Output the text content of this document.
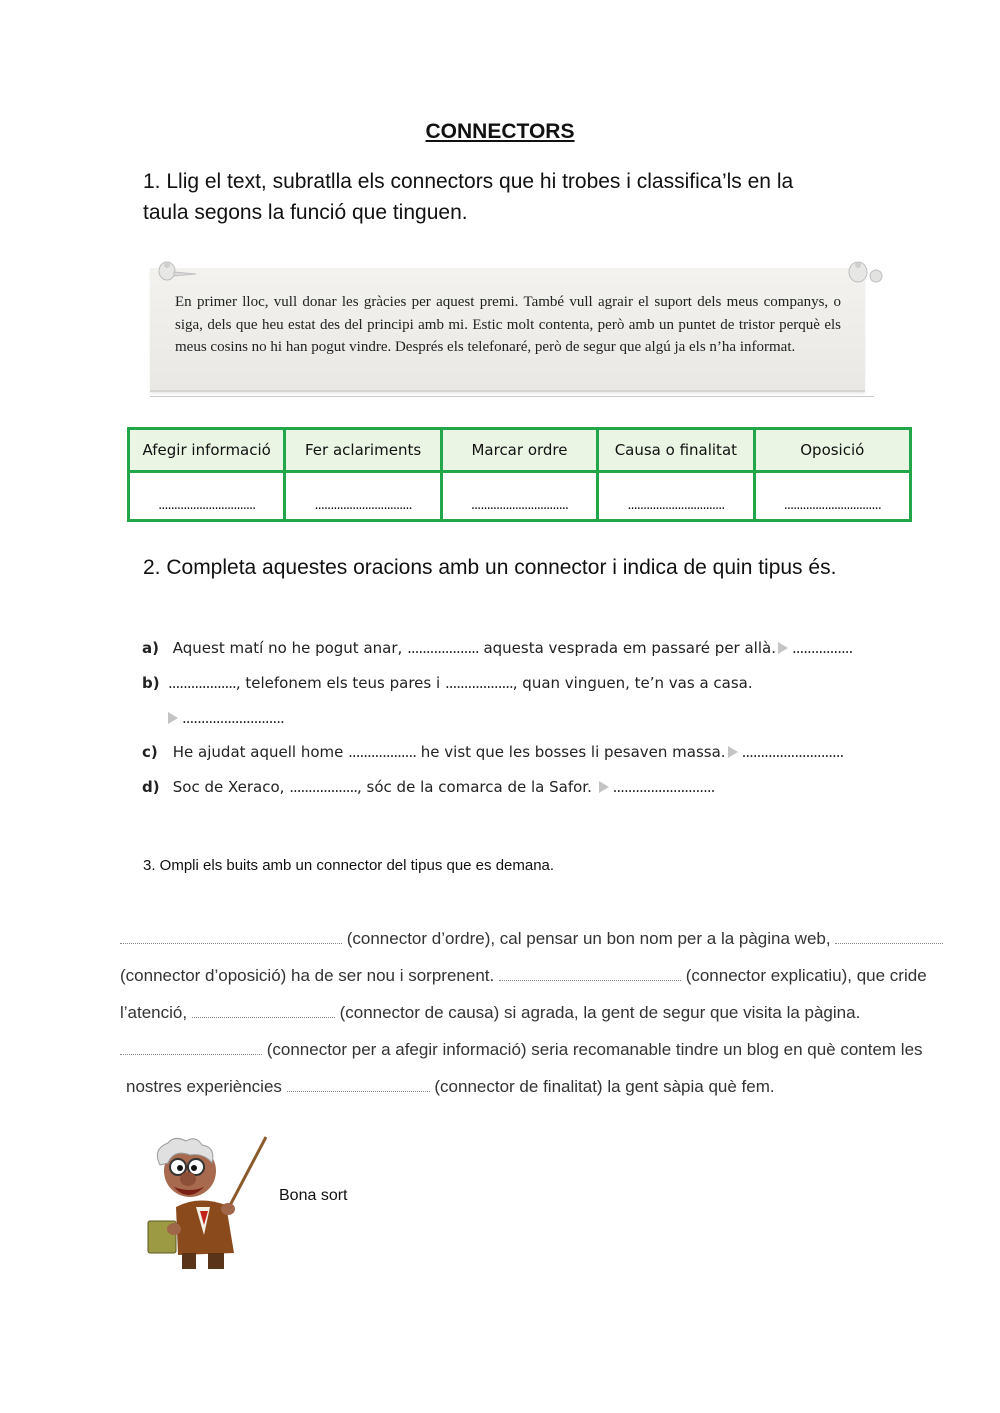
CONNECTORS
1. Llig el text, subratlla els connectors que hi trobes i classifica’ls en la taula segons la funció que tinguen.
En primer lloc, vull donar les gràcies per aquest premi. També vull agrair el suport dels meus companys, o siga, dels que heu estat des del principi amb mi. Estic molt contenta, però amb un puntet de tristor perquè els meus cosins no hi han pogut vindre. Després els telefonaré, però de segur que algú ja els n’ha informat.
Afegir informació	Fer aclariments	Marcar ordre	Causa o finalitat	Oposició
...............................	...............................	...............................	...............................	...............................
2. Completa aquestes oracions amb un connector i indica de quin tipus és.
a) Aquest matí no he pogut anar, ................... aquesta vesprada em passaré per allà. ................
b) .................., telefonem els teus pares i .................., quan vinguen, te’n vas a casa.
...........................
c) He ajudat aquell home .................. he vist que les bosses li pesaven massa. ...........................
d) Soc de Xeraco, .................., sóc de la comarca de la Safor. ...........................
3. Ompli els buits amb un connector del tipus que es demana.
(connector d’ordre), cal pensar un bon nom per a la pàgina web,
(connector d’oposició) ha de ser nou i sorprenent.	(connector explicatiu), que cride
l’atenció,	(connector de causa) si agrada, la gent de segur que visita la pàgina.
(connector per a afegir informació) seria recomanable tindre un blog en què contem les
nostres experiències	(connector de finalitat) la gent sàpia què fem.
Bona sort
